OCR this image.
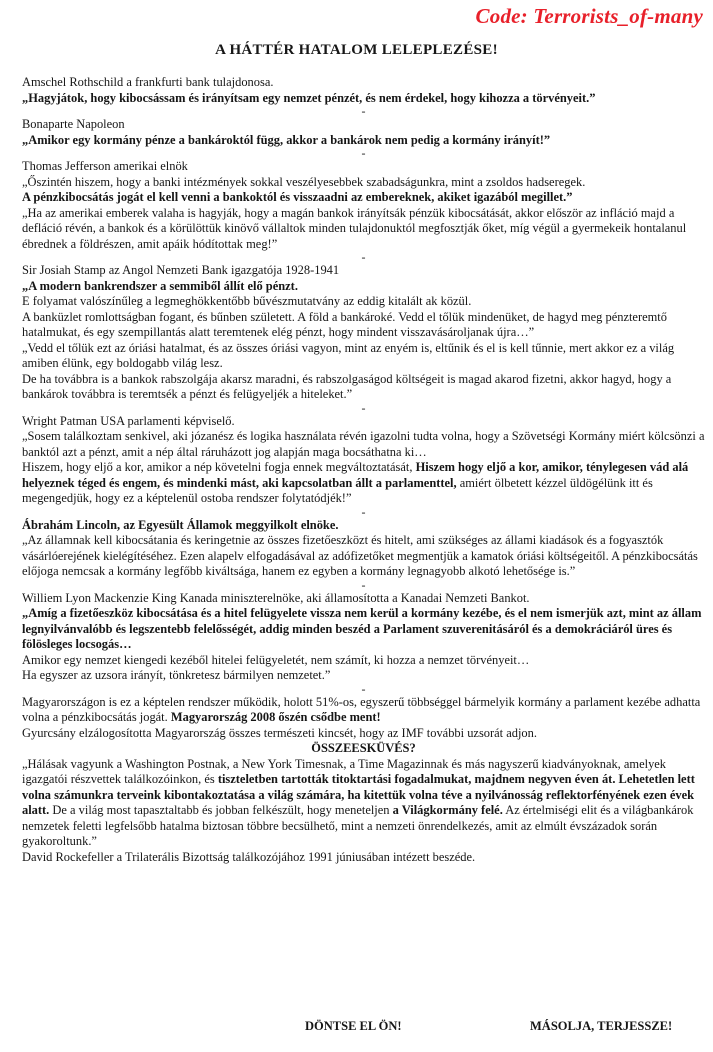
Code: Terrorists_of-many
A HÁTTÉR HATALOM LELEPLEZÉSE!

Amschel Rothschild a frankfurti bank tulajdonosa.

„Hagyjátok, hogy kibocsássam és irányítsam egy nemzet pénzét, és nem érdekel, hogy kihozza a törvényeit.”

-

Bonaparte Napoleon

„Amikor egy kormány pénze a bankároktól függ, akkor a bankárok nem pedig a kormány irányít!”

-

Thomas Jefferson amerikai elnök

„Őszintén hiszem, hogy a banki intézmények sokkal veszélyesebbek szabadságunkra, mint a zsoldos hadseregek.

A pénzkibocsátás jogát el kell venni a bankoktól és visszaadni az embereknek, akiket igazából megillet.”

„Ha az amerikai emberek valaha is hagyják, hogy a magán bankok irányítsák pénzük kibocsátását, akkor először az infláció majd a defláció révén, a bankok és a körülöttük kinövő vállaltok minden tulajdonuktól megfosztják őket, míg végül a gyermekeik hontalanul ébrednek a földrészen, amit apáik hódítottak meg!”

-

Sir Josiah Stamp az Angol Nemzeti Bank igazgatója 1928-1941

„A modern bankrendszer a semmiből állít elő pénzt.

E folyamat valószínűleg a legmeghökkentőbb bűvészmutatvány az eddig kitalált ak közül.

A banküzlet romlottságban fogant, és bűnben született. A föld a bankároké. Vedd el tőlük mindenüket, de hagyd meg pénzteremtő hatalmukat, és egy szempillantás alatt teremtenek elég pénzt, hogy mindent visszavásároljanak újra…”

„Vedd el tőlük ezt az óriási hatalmat, és az összes óriási vagyon, mint az enyém is, eltűnik és el is kell tűnnie, mert akkor ez a világ amiben élünk, egy boldogabb világ lesz.

De ha továbbra is a bankok rabszolgája akarsz maradni, és rabszolgaságod költségeit is magad akarod fizetni, akkor hagyd, hogy a bankárok továbbra is teremtsék a pénzt és felügyeljék a hiteleket.”

-

Wright Patman USA parlamenti képviselő.

„Sosem találkoztam senkivel, aki józanész és logika használata révén igazolni tudta volna, hogy a Szövetségi Kormány miért kölcsönzi a banktól azt a pénzt, amit a nép által ráruházott jog alapján maga bocsáthatna ki…

Hiszem, hogy eljő a kor, amikor a nép követelni fogja ennek megváltoztatását, Hiszem hogy eljő a kor, amikor, ténylegesen vád alá helyeznek téged és engem, és mindenki mást, aki kapcsolatban állt a parlamenttel, amiért ölbetett kézzel üldögélünk itt és megengedjük, hogy ez a képtelenül ostoba rendszer folytatódjék!”

-

Ábrahám Lincoln, az Egyesült Államok meggyilkolt elnöke.

„Az államnak kell kibocsátania és keringetnie az összes fizetőeszközt és hitelt, ami szükséges az állami kiadások és a fogyasztók vásárlóerejének kielégítéséhez. Ezen alapelv elfogadásával az adófizetőket megmentjük a kamatok óriási költségeitől. A pénzkibocsátás előjoga nemcsak a kormány legfőbb kiváltsága, hanem ez egyben a kormány legnagyobb alkotó lehetősége is.”

-

Williem Lyon Mackenzie King Kanada miniszterelnöke, aki államosította a Kanadai Nemzeti Bankot.

„Amíg a fizetőeszköz kibocsátása és a hitel felügyelete vissza nem kerül a kormány kezébe, és el nem ismerjük azt, mint az állam legnyilvánvalóbb és legszentebb felelősségét, addig minden beszéd a Parlament szuverenitásáról és a demokráciáról üres és fölösleges locsogás…

Amikor egy nemzet kiengedi kezéből hitelei felügyeletét, nem számít, ki hozza a nemzet törvényeit…

Ha egyszer az uzsora irányít, tönkretesz bármilyen nemzetet.”

-

Magyarországon is ez a képtelen rendszer működik, holott 51%-os, egyszerű többséggel bármelyik kormány a parlament kezébe adhatta volna a pénzkibocsátás jogát. Magyarország 2008 őszén csődbe ment!

Gyurcsány elzálogosította Magyarország összes természeti kincsét, hogy az IMF további uzsorát adjon.

ÖSSZEESKÜVÉS?

„Hálásak vagyunk a Washington Postnak, a New York Timesnak, a Time Magazinnak és más nagyszerű kiadványoknak, amelyek igazgatói részvettek találkozóinkon, és tiszteletben tartották titoktartási fogadalmukat, majdnem negyven éven át. Lehetetlen lett volna számunkra terveink kibontakoztatása a világ számára, ha kitettük volna téve a nyilvánosság reflektorfényének ezen évek alatt. De a világ most tapasztaltabb és jobban felkészült, hogy meneteljen a Világkormány felé. Az értelmiségi elit és a világbankárok nemzetek feletti legfelsőbb hatalma biztosan többre becsülhető, mint a nemzeti önrendelkezés, amit az elmúlt évszázadok során gyakoroltunk.”

David Rockefeller a Trilaterális Bizottság találkozójához 1991 júniusában intézett beszéde.

DÖNTSE EL ÖN!	MÁSOLJA, TERJESSZE!
